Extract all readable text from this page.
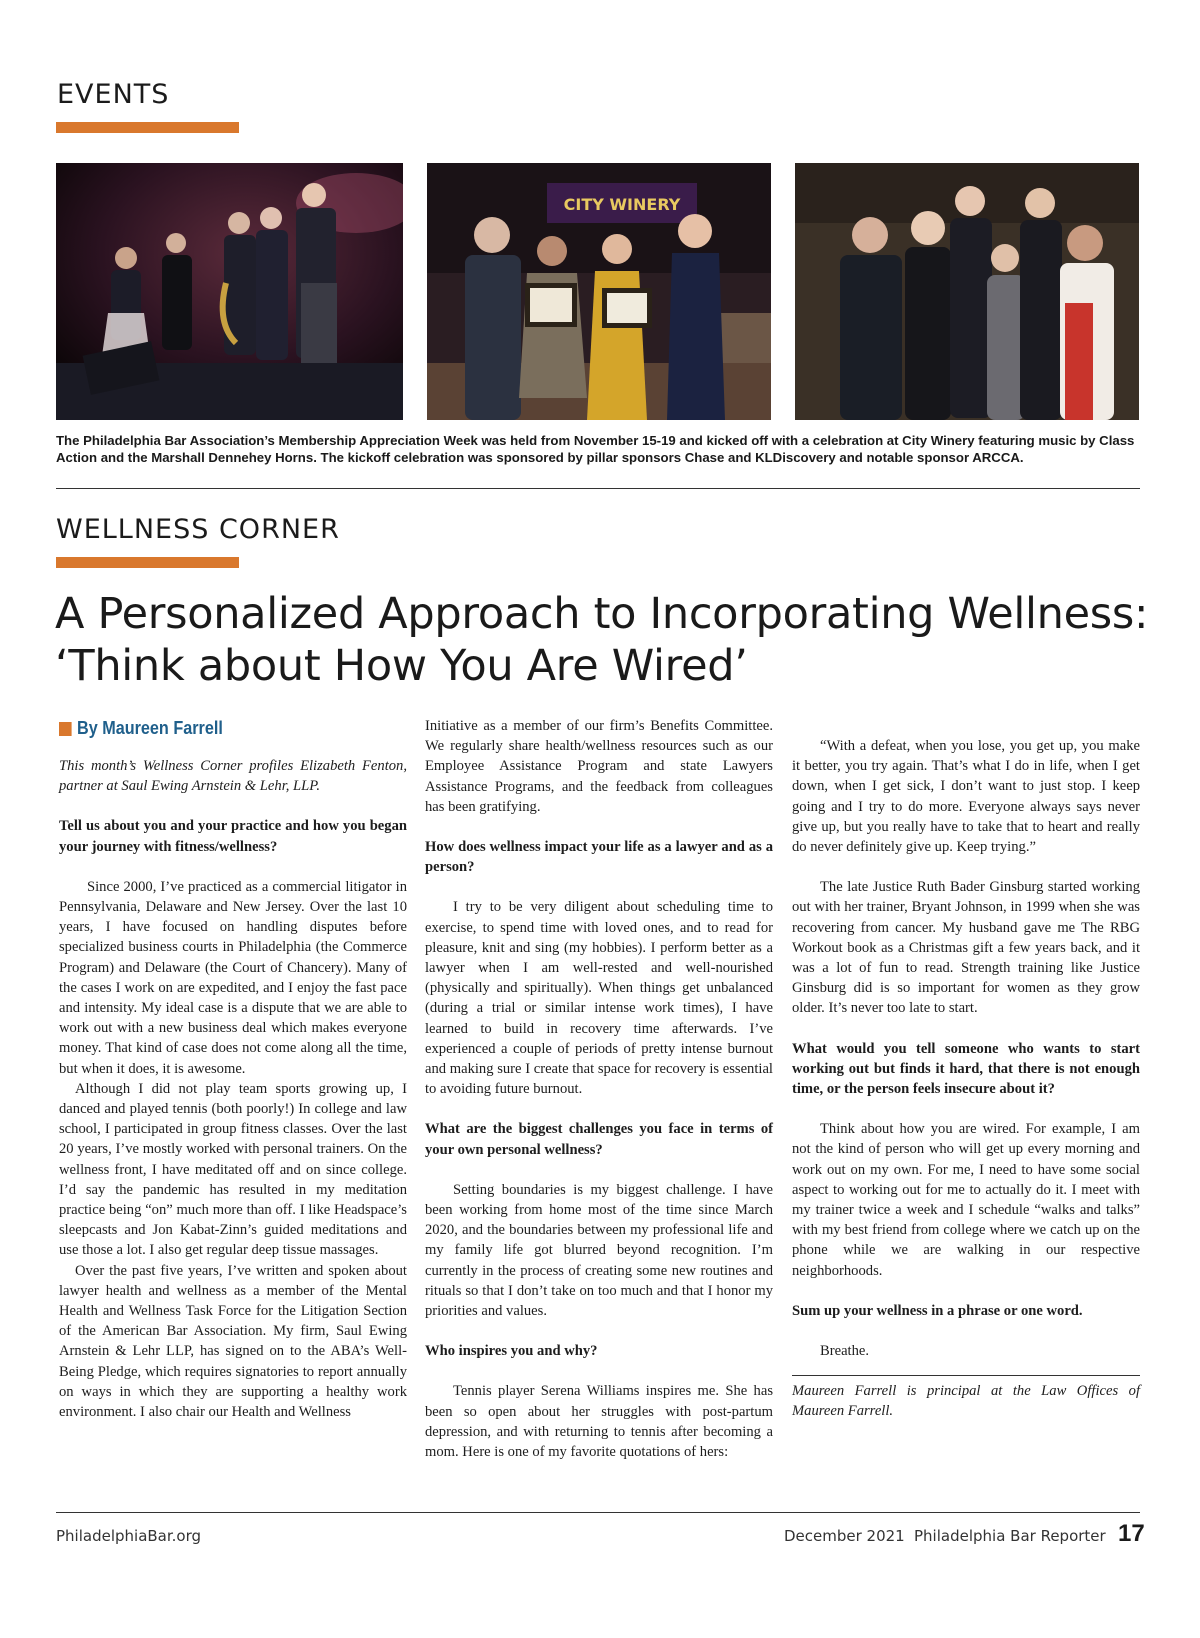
EVENTS
CITY WINERY
The Philadelphia Bar Association’s Membership Appreciation Week was held from November 15-19 and kicked off with a celebration at City Winery featuring music by Class Action and the Marshall Dennehey Horns. The kickoff celebration was sponsored by pillar sponsors Chase and KLDiscovery and notable sponsor ARCCA.
WELLNESS CORNER
A Personalized Approach to Incorporating Wellness:
‘Think about How You Are Wired’
By Maureen Farrell

This month’s Wellness Corner profiles Elizabeth Fenton, partner at Saul Ewing Arnstein & Lehr, LLP.

Tell us about you and your practice and how you began your journey with fitness/wellness?

Since 2000, I’ve practiced as a commercial litigator in Pennsylvania, Delaware and New Jersey. Over the last 10 years, I have focused on handling disputes before specialized business courts in Philadelphia (the Commerce Program) and Delaware (the Court of Chancery). Many of the cases I work on are expedited, and I enjoy the fast pace and intensity. My ideal case is a dispute that we are able to work out with a new business deal which makes everyone money. That kind of case does not come along all the time, but when it does, it is awesome.

Although I did not play team sports growing up, I danced and played tennis (both poorly!) In college and law school, I participated in group fitness classes. Over the last 20 years, I’ve mostly worked with personal trainers. On the wellness front, I have meditated off and on since college. I’d say the pandemic has resulted in my meditation practice being “on” much more than off. I like Headspace’s sleepcasts and Jon Kabat-Zinn’s guided meditations and use those a lot. I also get regular deep tissue massages.

Over the past five years, I’ve written and spoken about lawyer health and wellness as a member of the Mental Health and Wellness Task Force for the Litigation Section of the American Bar Association. My firm, Saul Ewing Arnstein & Lehr LLP, has signed on to the ABA’s Well-Being Pledge, which requires signatories to report annually on ways in which they are supporting a healthy work environment. I also chair our Health and Wellness

Initiative as a member of our firm’s Benefits Committee. We regularly share health/wellness resources such as our Employee Assistance Program and state Lawyers Assistance Programs, and the feedback from colleagues has been gratifying.

How does wellness impact your life as a lawyer and as a person?

I try to be very diligent about scheduling time to exercise, to spend time with loved ones, and to read for pleasure, knit and sing (my hobbies). I perform better as a lawyer when I am well-rested and well-nourished (physically and spiritually). When things get unbalanced (during a trial or similar intense work times), I have learned to build in recovery time afterwards. I’ve experienced a couple of periods of pretty intense burnout and making sure I create that space for recovery is essential to avoiding future burnout.

What are the biggest challenges you face in terms of your own personal wellness?

Setting boundaries is my biggest challenge. I have been working from home most of the time since March 2020, and the boundaries between my professional life and my family life got blurred beyond recognition. I’m currently in the process of creating some new routines and rituals so that I don’t take on too much and that I honor my priorities and values.

Who inspires you and why?

Tennis player Serena Williams inspires me. She has been so open about her struggles with post-partum depression, and with returning to tennis after becoming a mom. Here is one of my favorite quotations of hers:

“With a defeat, when you lose, you get up, you make it better, you try again. That’s what I do in life, when I get down, when I get sick, I don’t want to just stop. I keep going and I try to do more. Everyone always says never give up, but you really have to take that to heart and really do never definitely give up. Keep trying.”

The late Justice Ruth Bader Ginsburg started working out with her trainer, Bryant Johnson, in 1999 when she was recovering from cancer. My husband gave me The RBG Workout book as a Christmas gift a few years back, and it was a lot of fun to read. Strength training like Justice Ginsburg did is so important for women as they grow older. It’s never too late to start.

What would you tell someone who wants to start working out but finds it hard, that there is not enough time, or the person feels insecure about it?

Think about how you are wired. For example, I am not the kind of person who will get up every morning and work out on my own. For me, I need to have some social aspect to working out for me to actually do it. I meet with my trainer twice a week and I schedule “walks and talks” with my best friend from college where we catch up on the phone while we are walking in our respective neighborhoods.

Sum up your wellness in a phrase or one word.

Breathe.

Maureen Farrell is principal at the Law Offices of Maureen Farrell.

PhiladelphiaBar.org	December 2021 Philadelphia Bar Reporter 17
